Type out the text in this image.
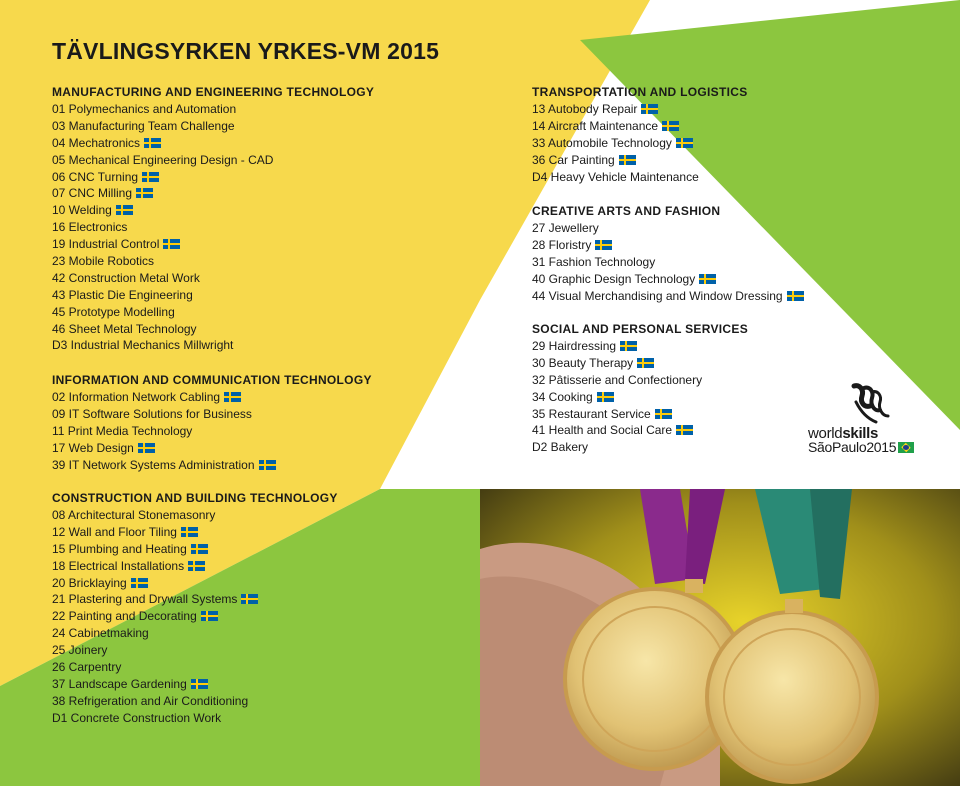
TÄVLINGSYRKEN YRKES-VM 2015
MANUFACTURING AND ENGINEERING TECHNOLOGY
01 Polymechanics and Automation
03 Manufacturing Team Challenge
04 Mechatronics
05 Mechanical Engineering Design - CAD
06 CNC Turning
07 CNC Milling
10 Welding
16 Electronics
19 Industrial Control
23 Mobile Robotics
42 Construction Metal Work
43 Plastic Die Engineering
45 Prototype Modelling
46 Sheet Metal Technology
D3 Industrial Mechanics Millwright
INFORMATION AND COMMUNICATION TECHNOLOGY
02 Information Network Cabling
09 IT Software Solutions for Business
11 Print Media Technology
17 Web Design
39 IT Network Systems Administration
CONSTRUCTION AND BUILDING TECHNOLOGY
08 Architectural Stonemasonry
12 Wall and Floor Tiling
15 Plumbing and Heating
18 Electrical Installations
20 Bricklaying
21 Plastering and Drywall Systems
22 Painting and Decorating
24 Cabinetmaking
25 Joinery
26 Carpentry
37 Landscape Gardening
38 Refrigeration and Air Conditioning
D1 Concrete Construction Work
TRANSPORTATION AND LOGISTICS
13 Autobody Repair
14 Aircraft Maintenance
33 Automobile Technology
36 Car Painting
D4 Heavy Vehicle Maintenance
CREATIVE ARTS AND FASHION
27 Jewellery
28 Floristry
31 Fashion Technology
40 Graphic Design Technology
44 Visual Merchandising and Window Dressing
SOCIAL AND PERSONAL SERVICES
29 Hairdressing
30 Beauty Therapy
32 Pâtisserie and Confectionery
34 Cooking
35 Restaurant Service
41 Health and Social Care
D2 Bakery
worldskills
SãoPaulo2015
